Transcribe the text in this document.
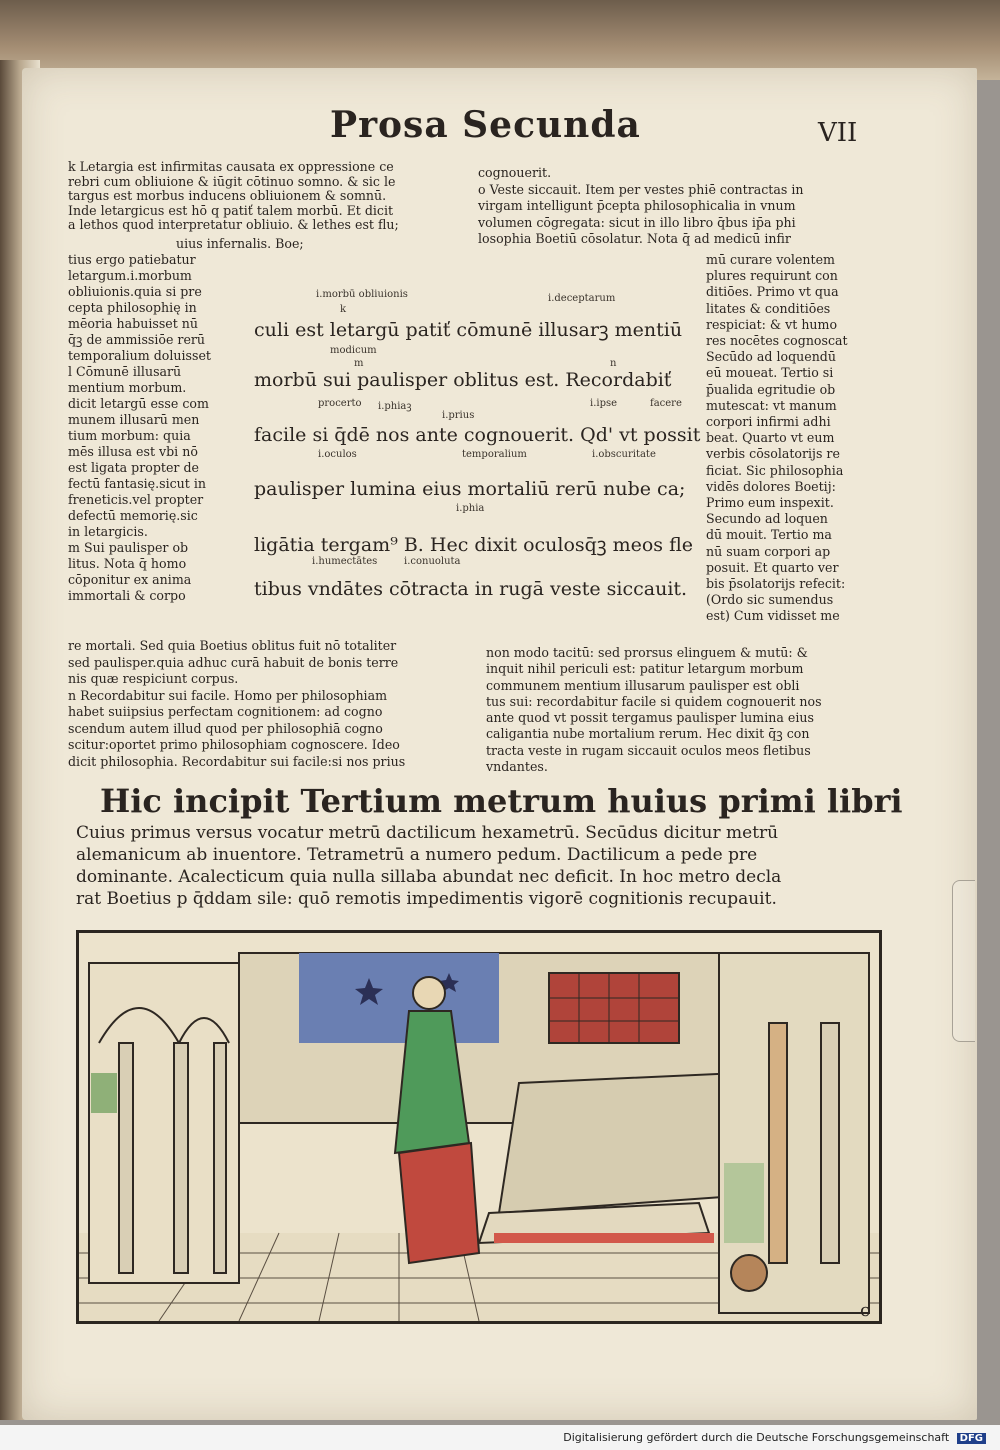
Prosa Secunda	VII
k Letargia est infirmitas causata ex oppressione ce
rebri cum obliuione & iūgit cōtinuo somno. & sic le
targus est morbus inducens obliuionem & somnū.
Inde letargicus est hō q patiť talem morbū. Et dicit
a lethos quod interpretatur obliuio. & lethes est flu;
uius infernalis. Boe;
tius ergo patiebatur
letargum.i.morbum
obliuionis.quia si pre
cepta philosophię in
mēoria habuisset nū
q̄ꝫ de ammissiōe rerū
temporalium doluisset
l Cōmunē illusarū
mentium morbum.
dicit letargū esse com
munem illusarū men
tium morbum: quia
mēs illusa est vbi nō
est ligata propter de
fectū fantasię.sicut in
freneticis.vel propter
defectū memorię.sic
in letargicis.
m Sui paulisper ob
litus. Nota q̄ homo
cōponitur ex anima
immortali & corpo
re mortali. Sed quia Boetius oblitus fuit nō totaliter
sed paulisper.quia adhuc curā habuit de bonis terre
nis quæ respiciunt corpus.
n Recordabitur sui facile. Homo per philosophiam
habet suiipsius perfectam cognitionem: ad cogno
scendum autem illud quod per philosophiā cogno
scitur:oportet primo philosophiam cognoscere. Ideo
dicit philosophia. Recordabitur sui facile:si nos prius
cognouerit.
o Veste siccauit. Item per vestes phiē contractas in
virgam intelligunt p̄cepta philosophicalia in vnum
volumen cōgregata: sicut in illo libro q̄bus ip̄a phi
losophia Boetiū cōsolatur. Nota q̄ ad medicū infir
mū curare volentem
plures requirunt con
ditiōes. Primo vt qua
litates & conditiōes
respiciat: & vt humo
res nocētes cognoscat
Secūdo ad loquendū
eū moueat. Tertio si
p̄ualida egritudie ob
mutescat: vt manum
corpori infirmi adhi
beat. Quarto vt eum
verbis cōsolatorijs re
ficiat. Sic philosophia
vidēs dolores Boetij:
Primo eum inspexit.
Secundo ad loquen
dū mouit. Tertio ma
nū suam corpori ap
posuit. Et quarto ver
bis p̄solatorijs refecit:
(Ordo sic sumendus
est) Cum vidisset me
non modo tacitū: sed prorsus elinguem & mutū: &
inquit nihil periculi est: patitur letargum morbum
communem mentium illusarum paulisper est obli
tus sui: recordabitur facile si quidem cognouerit nos
ante quod vt possit tergamus paulisper lumina eius
caligantia nube mortalium rerum. Hec dixit q̄ꝫ con
tracta veste in rugam siccauit oculos meos fletibus
vndantes.
culi est letargū patiť cōmunē illusarꝫ mentiū
morbū sui paulisper oblitus est. Recordabiť
facile si q̄dē nos ante cognouerit. Qd' vt possit
paulisper lumina eius mortaliū rerū nube ca;
ligātia tergam⁹ B. Hec dixit oculosq̄ꝫ meos fle
tibus vndātes cōtracta in rugā veste siccauit.
i.morbū obliuionis
k
i.deceptarum
modicum
m	n
procerto i.phiaꝫ	i.ipse	facere
i.prius
i.oculos	temporalium	i.obscuritate
i.phia
i.humectātes	i.conuoluta
Hic incipit Tertium metrum huius primi libri
Cuius primus versus vocatur metrū dactilicum hexametrū. Secūdus dicitur metrū
alemanicum ab inuentore. Tetrametrū a numero pedum. Dactilicum a pede pre
dominante. Acalecticum quia nulla sillaba abundat nec deficit. In hoc metro decla
rat Boetius p q̄ddam sile: quō remotis impedimentis vigorē cognitionis recupauit.
c
Digitalisierung gefördert durch die Deutsche Forschungsgemeinschaft DFG
